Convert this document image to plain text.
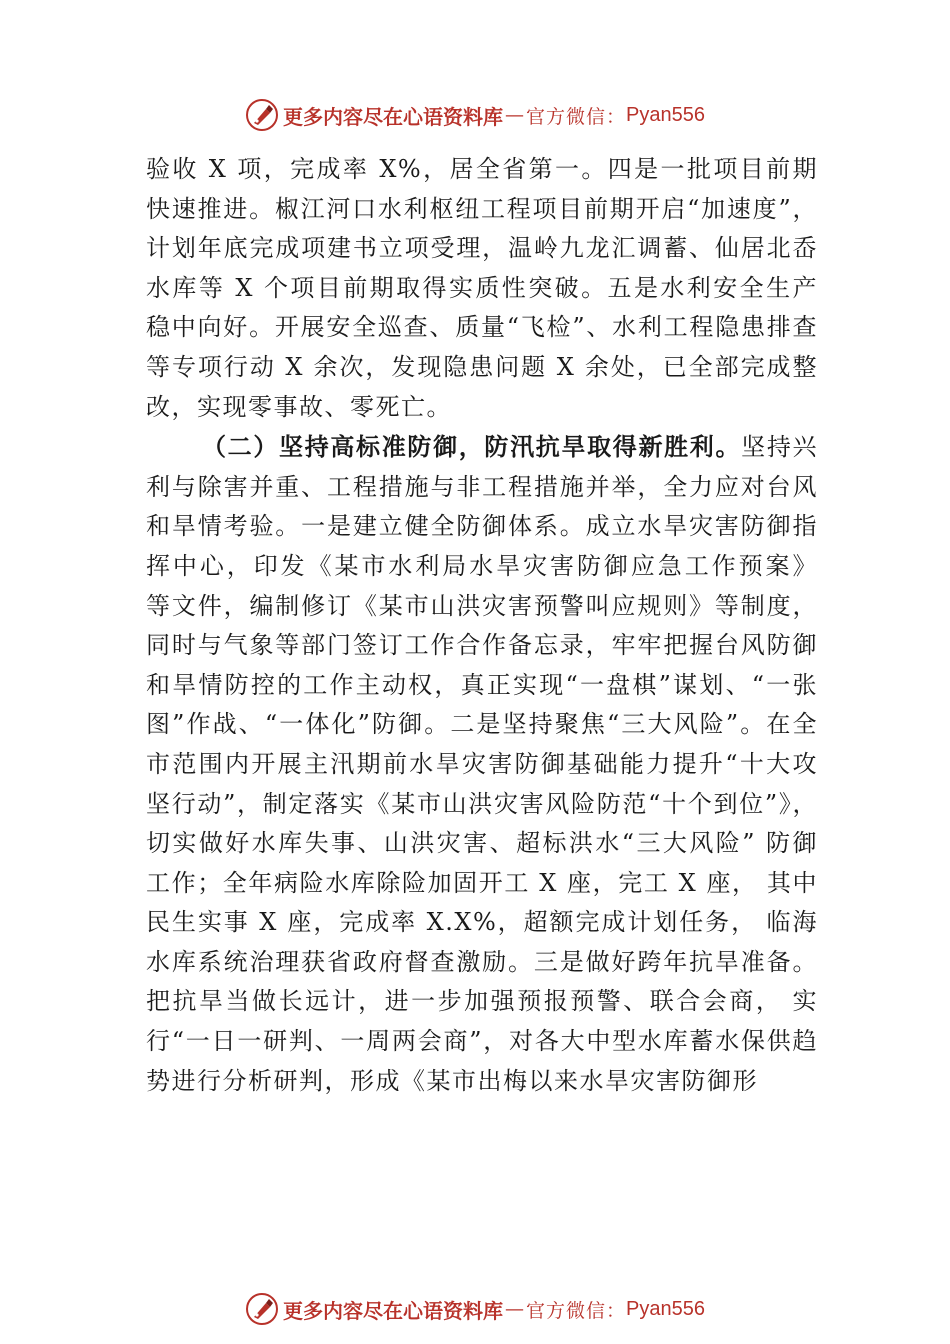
更多内容尽在心语资料库 — 官方微信： Pyan556

验收 X 项，完成率 X%，居全省第一。四是一批项目前期快速推进。椒江河口水利枢纽工程项目前期开启“加速度”，计划年底完成项建书立项受理，温岭九龙汇调蓄、仙居北岙水库等 X 个项目前期取得实质性突破。五是水利安全生产稳中向好。开展安全巡查、质量“飞检”、水利工程隐患排查等专项行动 X 余次，发现隐患问题 X 余处，已全部完成整改，实现零事故、零死亡。

（二）坚持高标准防御，防汛抗旱取得新胜利。坚持兴利与除害并重、工程措施与非工程措施并举，全力应对台风和旱情考验。一是建立健全防御体系。成立水旱灾害防御指挥中心，印发《某市水利局水旱灾害防御应急工作预案》 等文件，编制修订《某市山洪灾害预警叫应规则》等制度， 同时与气象等部门签订工作合作备忘录，牢牢把握台风防御和旱情防控的工作主动权，真正实现“一盘棋”谋划、“一张图”作战、“一体化”防御。二是坚持聚焦“三大风险”。在全市范围内开展主汛期前水旱灾害防御基础能力提升“十大攻坚行动”，制定落实《某市山洪灾害风险防范“十个到位”》，切实做好水库失事、山洪灾害、超标洪水“三大风险” 防御工作；全年病险水库除险加固开工 X 座，完工 X 座， 其中民生实事 X 座，完成率 X.X%，超额完成计划任务， 临海水库系统治理获省政府督查激励。三是做好跨年抗旱准备。把抗旱当做长远计，进一步加强预报预警、联合会商， 实行“一日一研判、一周两会商”，对各大中型水库蓄水保供趋势进行分析研判，形成《某市出梅以来水旱灾害防御形

更多内容尽在心语资料库 — 官方微信： Pyan556
